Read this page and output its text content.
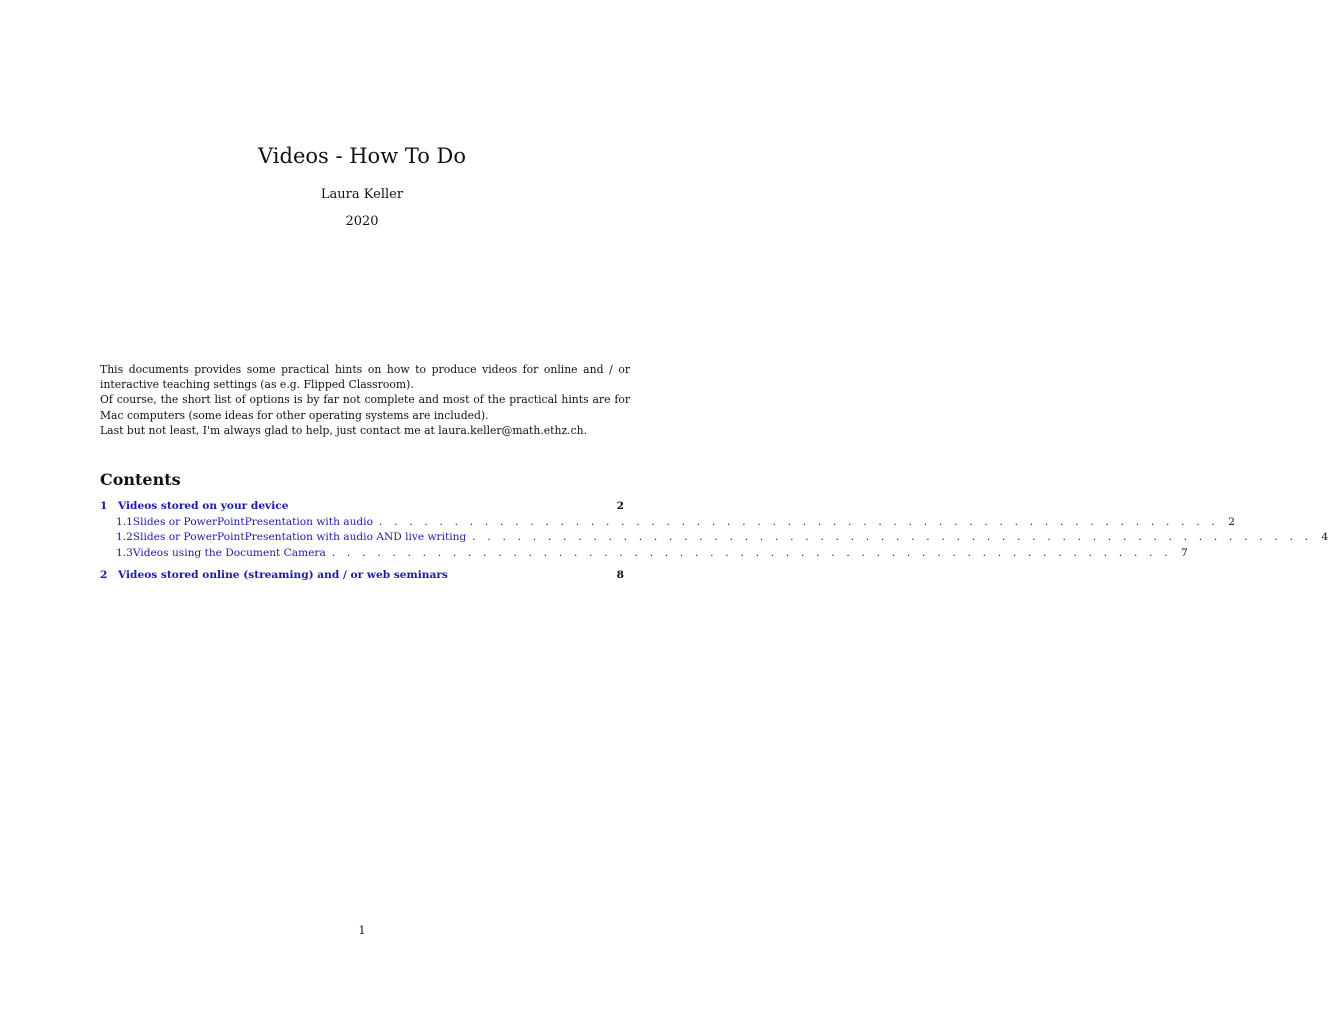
Videos - How To Do
Laura Keller
2020

This documents provides some practical hints on how to produce videos for online and / or interactive teaching settings (as e.g. Flipped Classroom).

Of course, the short list of options is by far not complete and most of the practical hints are for Mac computers (some ideas for other operating systems are included).

Last but not least, I'm always glad to help, just contact me at laura.keller@math.ethz.ch.

Contents
1	Videos stored on your device	2
1.1 Slides or PowerPointPresentation with audio . . . . . . . . . . . . . . . . . . . . . . . . . . . . . . . . . . . . . . . . . . . . . . . . . . . . . . . . 2
1.2 Slides or PowerPointPresentation with audio AND live writing . . . . . . . . . . . . . . . . . . . . . . . . . . . . . . . . . . . . . . . . . . . . . . . . . . . . . . . . 4
1.3 Videos using the Document Camera . . . . . . . . . . . . . . . . . . . . . . . . . . . . . . . . . . . . . . . . . . . . . . . . . . . . . . . . 7
2	Videos stored online (streaming) and / or web seminars	8
1
